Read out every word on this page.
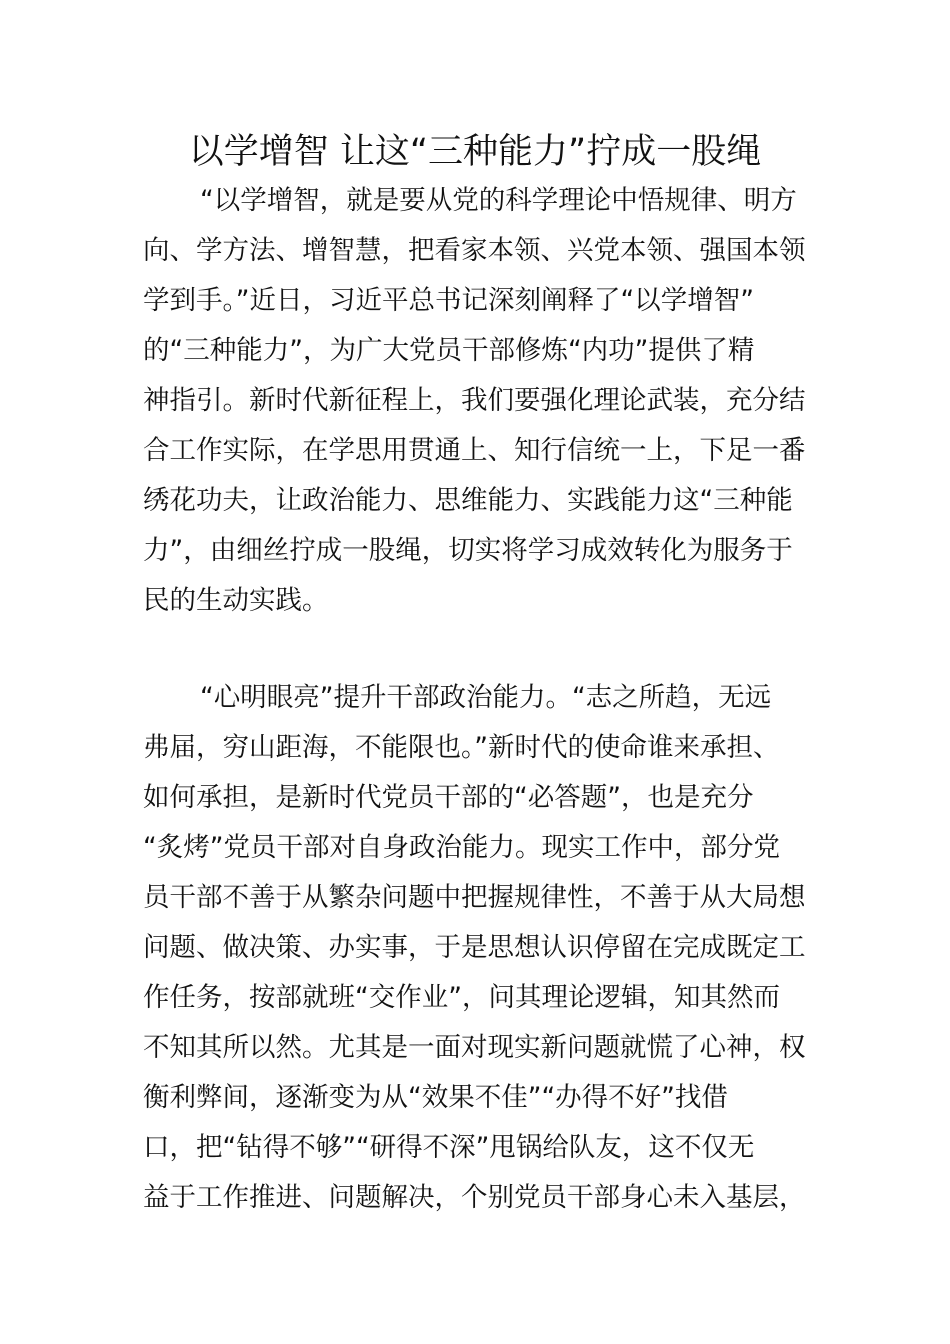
以学增智 让这“三种能力”拧成一股绳
“以学增智，就是要从党的科学理论中悟规律、明方
向、学方法、增智慧，把看家本领、兴党本领、强国本领
学到手。”近日，习近平总书记深刻阐释了“以学增智”
的“三种能力”，为广大党员干部修炼“内功”提供了精
神指引。新时代新征程上，我们要强化理论武装，充分结
合工作实际，在学思用贯通上、知行信统一上，下足一番
绣花功夫，让政治能力、思维能力、实践能力这“三种能
力”，由细丝拧成一股绳，切实将学习成效转化为服务于
民的生动实践。
“心明眼亮”提升干部政治能力。“志之所趋，无远
弗届，穷山距海，不能限也。”新时代的使命谁来承担、
如何承担，是新时代党员干部的“必答题”，也是充分
“炙烤”党员干部对自身政治能力。现实工作中，部分党
员干部不善于从繁杂问题中把握规律性，不善于从大局想
问题、做决策、办实事，于是思想认识停留在完成既定工
作任务，按部就班“交作业”，问其理论逻辑，知其然而
不知其所以然。尤其是一面对现实新问题就慌了心神，权
衡利弊间，逐渐变为从“效果不佳”“办得不好”找借
口，把“钻得不够”“研得不深”甩锅给队友，这不仅无
益于工作推进、问题解决，个别党员干部身心未入基层，
